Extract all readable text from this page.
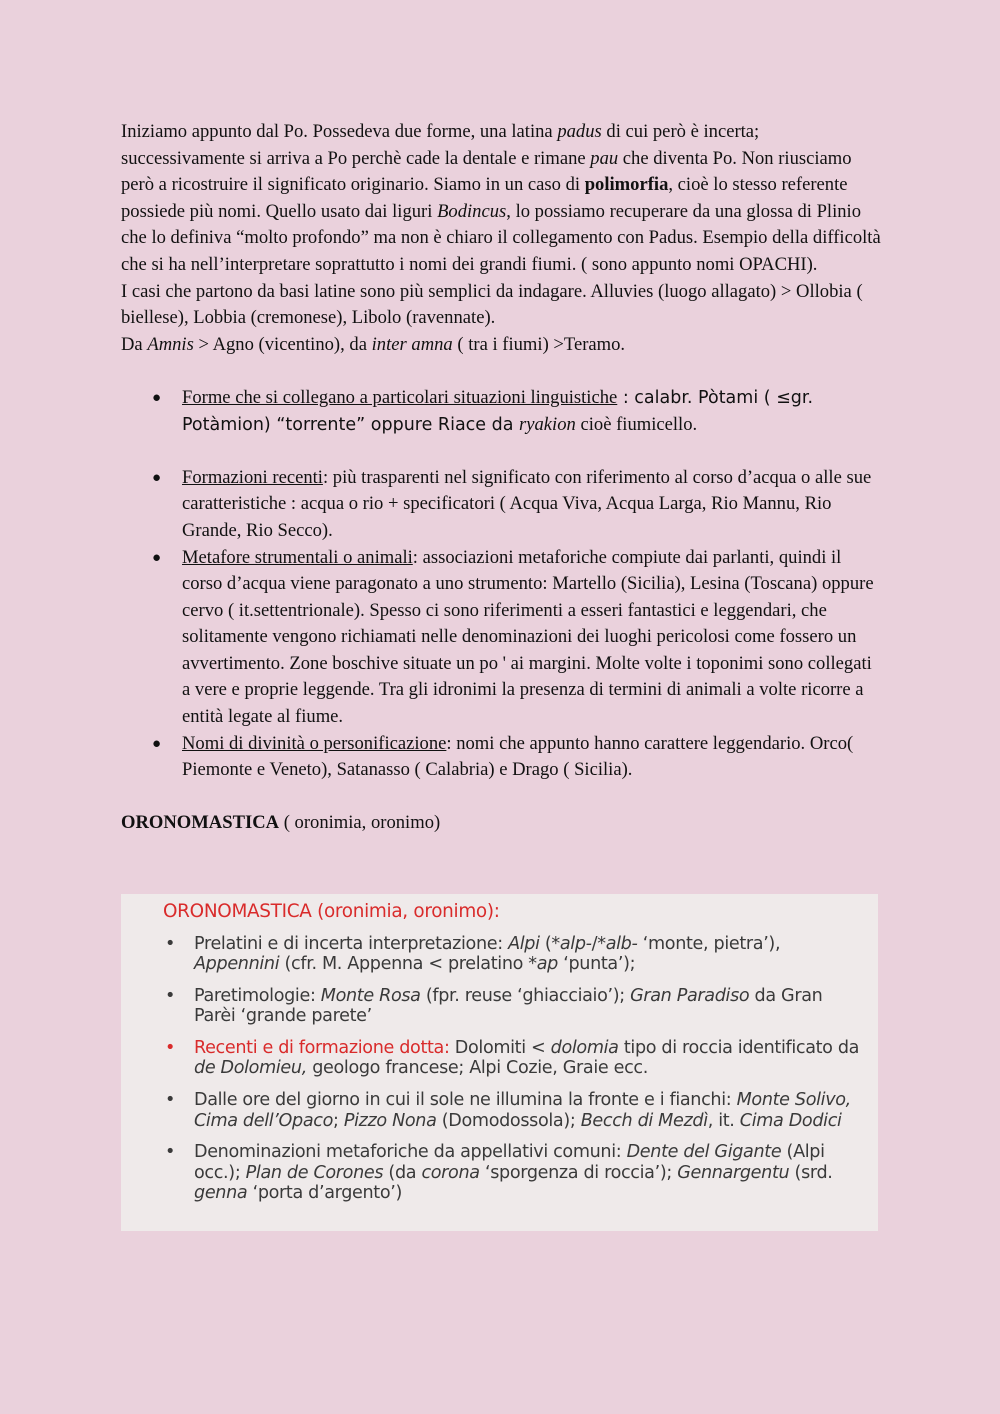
Iniziamo appunto dal Po. Possedeva due forme, una latina padus di cui però è incerta; successivamente si arriva a Po perchè cade la dentale e rimane pau che diventa Po. Non riusciamo però a ricostruire il significato originario. Siamo in un caso di polimorfia, cioè lo stesso referente possiede più nomi. Quello usato dai liguri Bodincus, lo possiamo recuperare da una glossa di Plinio che lo definiva “molto profondo” ma non è chiaro il collegamento con Padus. Esempio della difficoltà che si ha nell’interpretare soprattutto i nomi dei grandi fiumi. ( sono appunto nomi OPACHI).

I casi che partono da basi latine sono più semplici da indagare. Alluvies (luogo allagato) > Ollobia ( biellese), Lobbia (cremonese), Libolo (ravennate).

Da Amnis > Agno (vicentino), da inter amna ( tra i fiumi) >Teramo.

● Forme che si collegano a particolari situazioni linguistiche : calabr. Pòtami ( ≤gr. Potàmion) “torrente” oppure Riace da ryakion cioè fiumicello.
● Formazioni recenti: più trasparenti nel significato con riferimento al corso d’acqua o alle sue caratteristiche : acqua o rio + specificatori ( Acqua Viva, Acqua Larga, Rio Mannu, Rio Grande, Rio Secco).
● Metafore strumentali o animali: associazioni metaforiche compiute dai parlanti, quindi il corso d’acqua viene paragonato a uno strumento: Martello (Sicilia), Lesina (Toscana) oppure cervo ( it.settentrionale). Spesso ci sono riferimenti a esseri fantastici e leggendari, che solitamente vengono richiamati nelle denominazioni dei luoghi pericolosi come fossero un avvertimento. Zone boschive situate un po ' ai margini. Molte volte i toponimi sono collegati a vere e proprie leggende. Tra gli idronimi la presenza di termini di animali a volte ricorre a entità legate al fiume.
● Nomi di divinità o personificazione: nomi che appunto hanno carattere leggendario. Orco( Piemonte e Veneto), Satanasso ( Calabria) e Drago ( Sicilia).

ORONOMASTICA ( oronimia, oronimo)

ORONOMASTICA (oronimia, oronimo):
• Prelatini e di incerta interpretazione: Alpi (*alp-/*alb- ‘monte, pietra’), Appennini (cfr. M. Appenna < prelatino *ap ‘punta’);
• Paretimologie: Monte Rosa (fpr. reuse ‘ghiacciaio’); Gran Paradiso da Gran Parèi ‘grande parete’
• Recenti e di formazione dotta: Dolomiti < dolomia tipo di roccia identificato da de Dolomieu, geologo francese; Alpi Cozie, Graie ecc.
• Dalle ore del giorno in cui il sole ne illumina la fronte e i fianchi: Monte Solivo, Cima dell’Opaco; Pizzo Nona (Domodossola); Becch di Mezdì, it. Cima Dodici
• Denominazioni metaforiche da appellativi comuni: Dente del Gigante (Alpi occ.); Plan de Corones (da corona ‘sporgenza di roccia’); Gennargentu (srd. genna ‘porta d’argento’)
